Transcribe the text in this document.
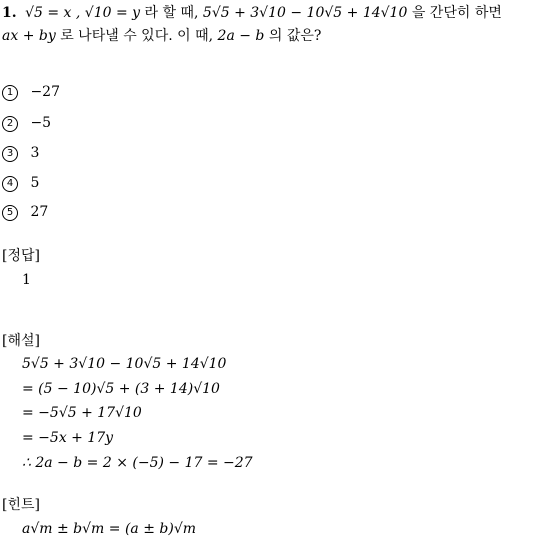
1. √5 = x , √10 = y 라 할 때, 5√5 + 3√10 − 10√5 + 14√10 을 간단히 하면
ax + by 로 나타낼 수 있다. 이 때, 2a − b 의 값은?
1 −27
2 −5
3 3
4 5
5 27
[정답]
1
[해설]
5√5 + 3√10 − 10√5 + 14√10
= (5 − 10)√5 + (3 + 14)√10
= −5√5 + 17√10
= −5x + 17y
∴ 2a − b = 2 × (−5) − 17 = −27
[힌트]
a√m ± b√m = (a ± b)√m
